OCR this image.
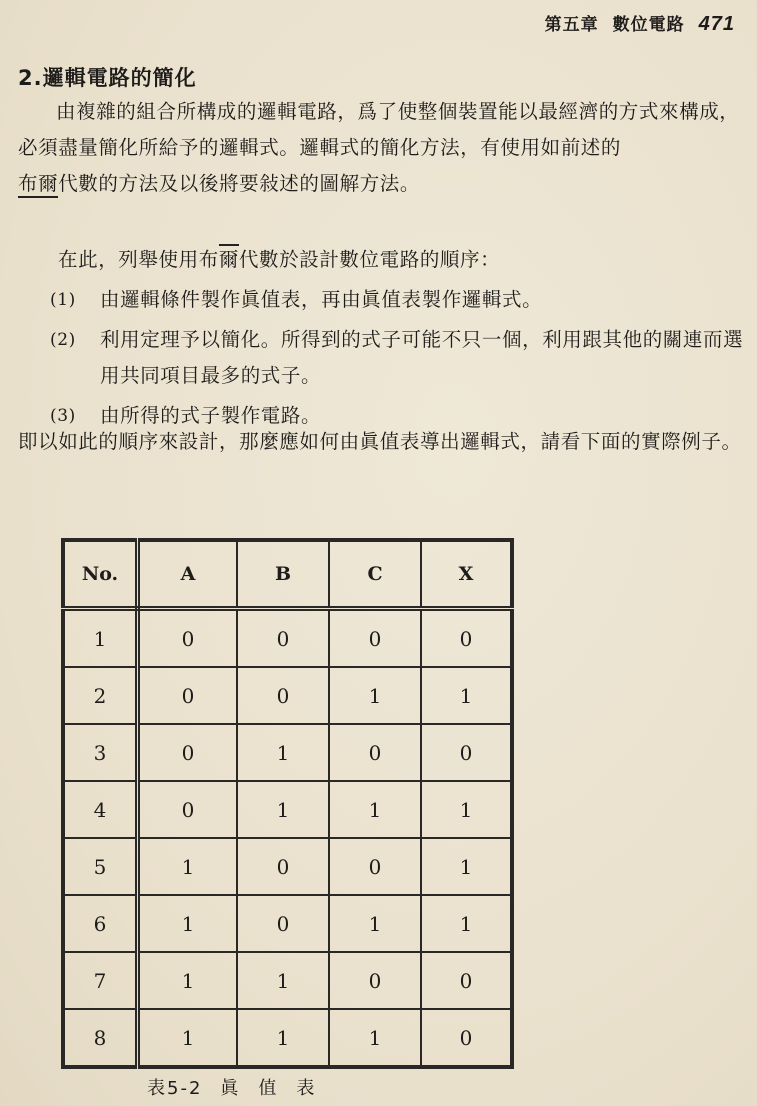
第五章 數位電路 471
2.邏輯電路的簡化
由複雜的組合所構成的邏輯電路，爲了使整個裝置能以最經濟的方式來構成，必須盡量簡化所給予的邏輯式。邏輯式的簡化方法，有使用如前述的
布爾代數的方法及以後將要敍述的圖解方法。
在此，列舉使用布爾代數於設計數位電路的順序：
(1)	由邏輯條件製作眞值表，再由眞值表製作邏輯式。
(2)	利用定理予以簡化。所得到的式子可能不只一個，利用跟其他的關連而選用共同項目最多的式子。
(3)	由所得的式子製作電路。
即以如此的順序來設計，那麼應如何由眞值表導出邏輯式，請看下面的實際例子。
No.	A	B	C	X
1	0	0	0	0
2	0	0	1	1
3	0	1	0	0
4	0	1	1	1
5	1	0	0	1
6	1	0	1	1
7	1	1	0	0
8	1	1	1	0
表5-2 眞 值 表
